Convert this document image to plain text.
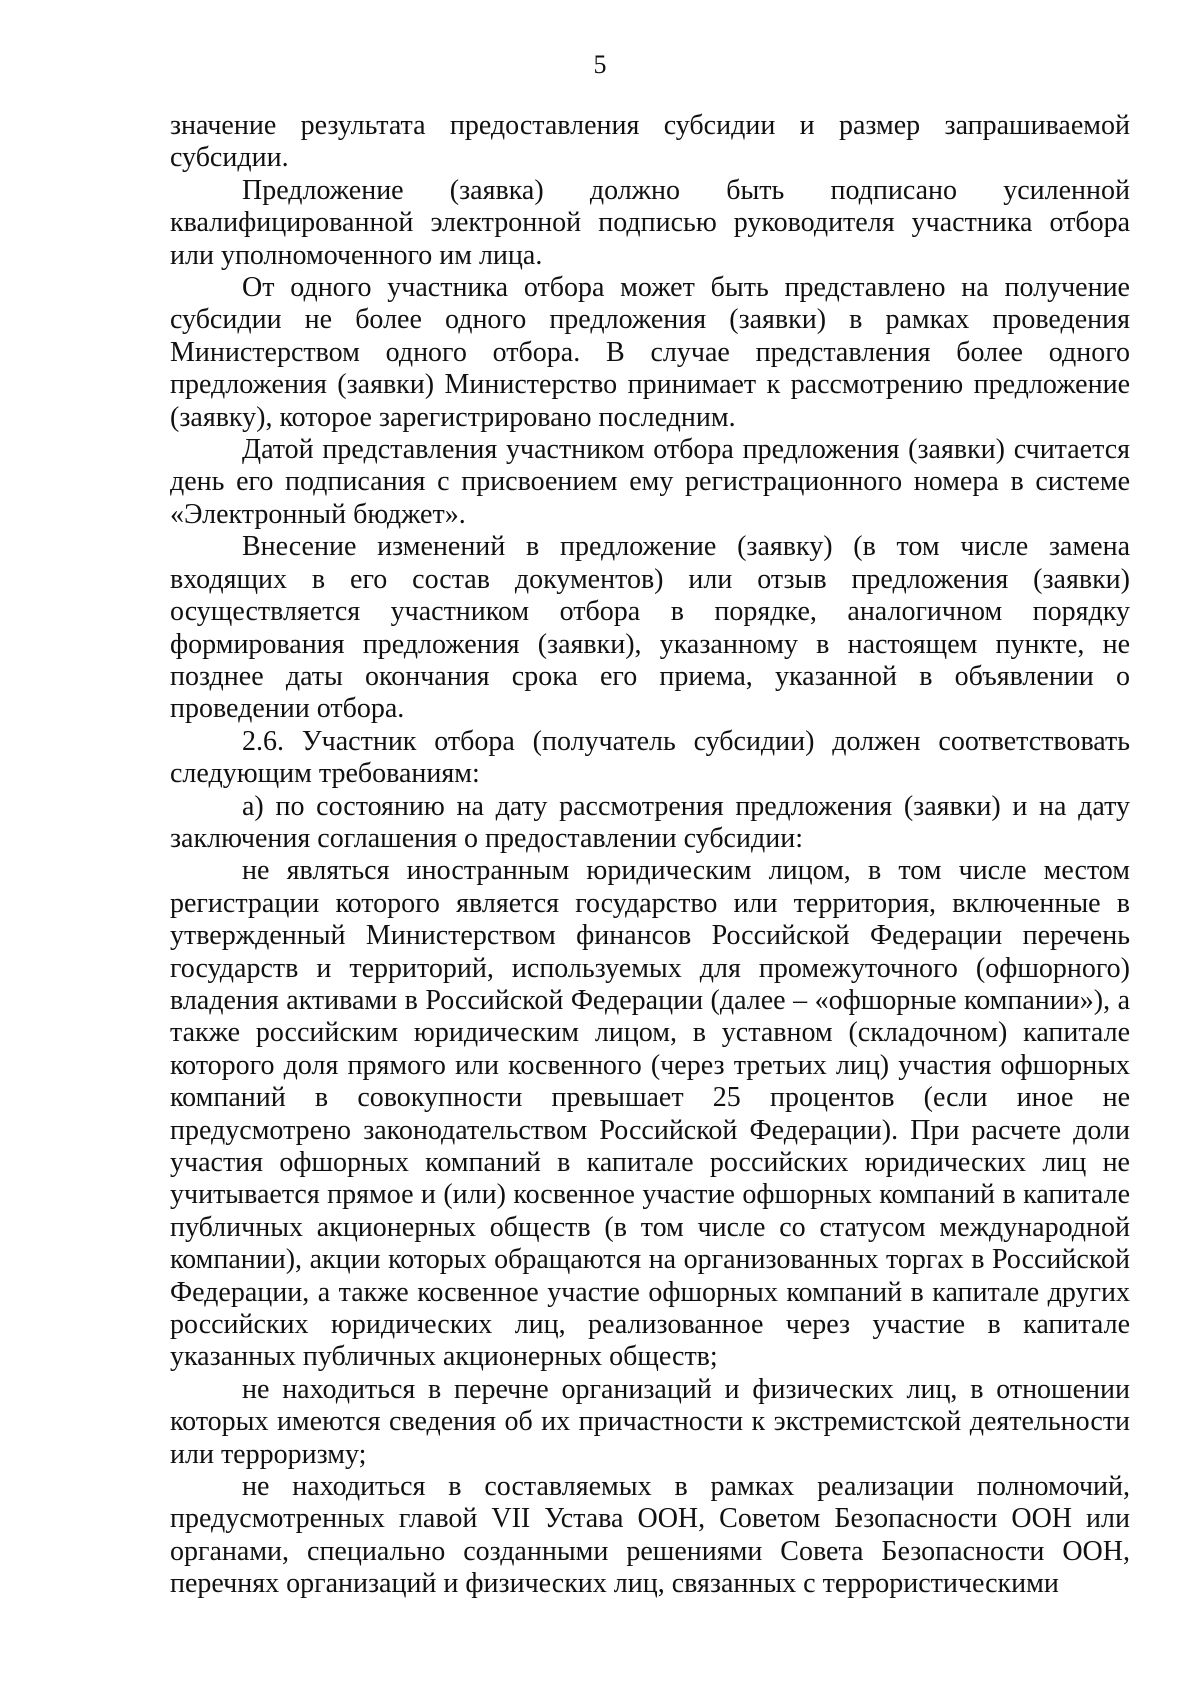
5

значение результата предоставления субсидии и размер запрашиваемой субсидии.

Предложение (заявка) должно быть подписано усиленной квалифицированной электронной подписью руководителя участника отбора или уполномоченного им лица.

От одного участника отбора может быть представлено на получение субсидии не более одного предложения (заявки) в рамках проведения Министерством одного отбора. В случае представления более одного предложения (заявки) Министерство принимает к рассмотрению предложение (заявку), которое зарегистрировано последним.

Датой представления участником отбора предложения (заявки) считается день его подписания с присвоением ему регистрационного номера в системе «Электронный бюджет».

Внесение изменений в предложение (заявку) (в том числе замена входящих в его состав документов) или отзыв предложения (заявки) осуществляется участником отбора в порядке, аналогичном порядку формирования предложения (заявки), указанному в настоящем пункте, не позднее даты окончания срока его приема, указанной в объявлении о проведении отбора.

2.6. Участник отбора (получатель субсидии) должен соответствовать следующим требованиям:

а) по состоянию на дату рассмотрения предложения (заявки) и на дату заключения соглашения о предоставлении субсидии:

не являться иностранным юридическим лицом, в том числе местом регистрации которого является государство или территория, включенные в утвержденный Министерством финансов Российской Федерации перечень государств и территорий, используемых для промежуточного (офшорного) владения активами в Российской Федерации (далее – «офшорные компании»), а также российским юридическим лицом, в уставном (складочном) капитале которого доля прямого или косвенного (через третьих лиц) участия офшорных компаний в совокупности превышает 25 процентов (если иное не предусмотрено законодательством Российской Федерации). При расчете доли участия офшорных компаний в капитале российских юридических лиц не учитывается прямое и (или) косвенное участие офшорных компаний в капитале публичных акционерных обществ (в том числе со статусом международной компании), акции которых обращаются на организованных торгах в Российской Федерации, а также косвенное участие офшорных компаний в капитале других российских юридических лиц, реализованное через участие в капитале указанных публичных акционерных обществ;

не находиться в перечне организаций и физических лиц, в отношении которых имеются сведения об их причастности к экстремистской деятельности или терроризму;

не находиться в составляемых в рамках реализации полномочий, предусмотренных главой VII Устава ООН, Советом Безопасности ООН или органами, специально созданными решениями Совета Безопасности ООН, перечнях организаций и физических лиц, связанных с террористическими
